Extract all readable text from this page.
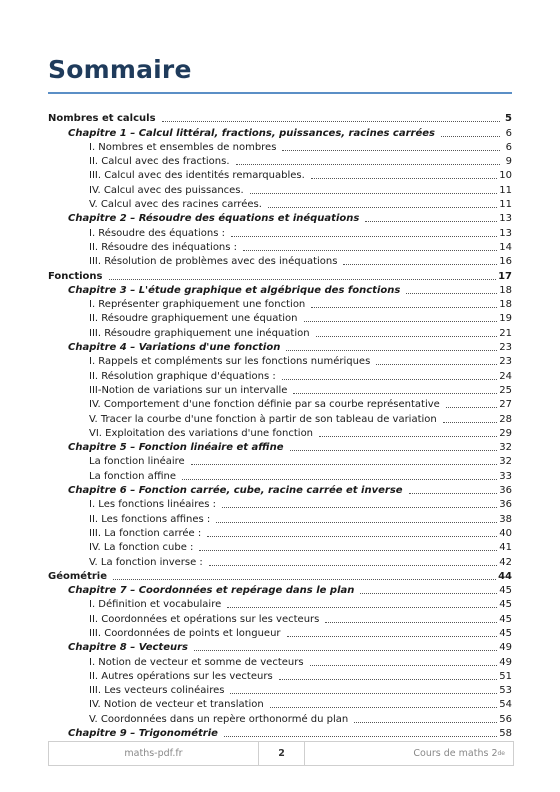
Sommaire
Nombres et calculs	5
Chapitre 1 – Calcul littéral, fractions, puissances, racines carrées	6
I. Nombres et ensembles de nombres	6
II. Calcul avec des fractions.	9
III. Calcul avec des identités remarquables.	10
IV. Calcul avec des puissances.	11
V. Calcul avec des racines carrées.	11
Chapitre 2 – Résoudre des équations et inéquations	13
I. Résoudre des équations :	13
II. Résoudre des inéquations :	14
III. Résolution de problèmes avec des inéquations	16
Fonctions	17
Chapitre 3 – L'étude graphique et algébrique des fonctions	18
I. Représenter graphiquement une fonction	18
II. Résoudre graphiquement une équation	19
III. Résoudre graphiquement une inéquation	21
Chapitre 4 – Variations d'une fonction	23
I. Rappels et compléments sur les fonctions numériques	23
II. Résolution graphique d'équations :	24
III-Notion de variations sur un intervalle	25
IV. Comportement d'une fonction définie par sa courbe représentative	27
V. Tracer la courbe d'une fonction à partir de son tableau de variation	28
VI. Exploitation des variations d'une fonction	29
Chapitre 5 – Fonction linéaire et affine	32
La fonction linéaire	32
La fonction affine	33
Chapitre 6 – Fonction carrée, cube, racine carrée et inverse	36
I. Les fonctions linéaires :	36
II. Les fonctions affines :	38
III. La fonction carrée :	40
IV. La fonction cube :	41
V. La fonction inverse :	42
Géométrie	44
Chapitre 7 – Coordonnées et repérage dans le plan	45
I. Définition et vocabulaire	45
II. Coordonnées et opérations sur les vecteurs	45
III. Coordonnées de points et longueur	45
Chapitre 8 – Vecteurs	49
I. Notion de vecteur et somme de vecteurs	49
II. Autres opérations sur les vecteurs	51
III. Les vecteurs colinéaires	53
IV. Notion de vecteur et translation	54
V. Coordonnées dans un repère orthonormé du plan	56
Chapitre 9 – Trigonométrie	58
maths-pdf.fr	2	Cours de maths 2 de
